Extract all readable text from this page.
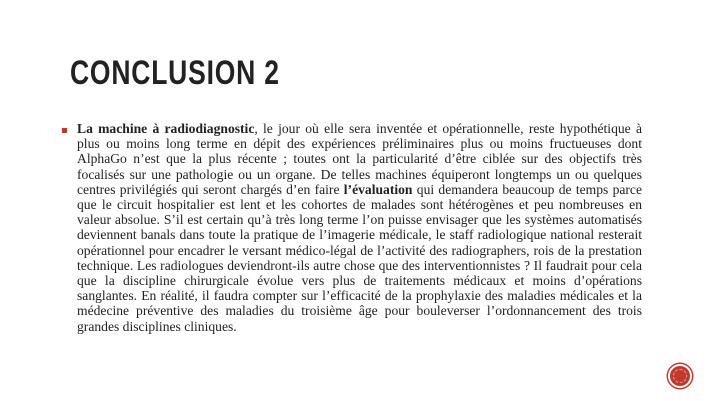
CONCLUSION 2

La machine à radiodiagnostic, le jour où elle sera inventée et opérationnelle, reste hypothétique à plus ou moins long terme en dépit des expériences préliminaires plus ou moins fructueuses dont AlphaGo n’est que la plus récente ; toutes ont la particularité d’être ciblée sur des objectifs très focalisés sur une pathologie ou un organe. De telles machines équiperont longtemps un ou quelques centres privilégiés qui seront chargés d’en faire l’évaluation qui demandera beaucoup de temps parce que le circuit hospitalier est lent et les cohortes de malades sont hétérogènes et peu nombreuses en valeur absolue. S’il est certain qu’à très long terme l’on puisse envisager que les systèmes automatisés deviennent banals dans toute la pratique de l’imagerie médicale, le staff radiologique national resterait opérationnel pour encadrer le versant médico-légal de l’activité des radiographers, rois de la prestation technique. Les radiologues deviendront-ils autre chose que des interventionnistes ? Il faudrait pour cela que la discipline chirurgicale évolue vers plus de traitements médicaux et moins d’opérations sanglantes. En réalité, il faudra compter sur l’efficacité de la prophylaxie des maladies médicales et la médecine préventive des maladies du troisième âge pour bouleverser l’ordonnancement des trois grandes disciplines cliniques.
